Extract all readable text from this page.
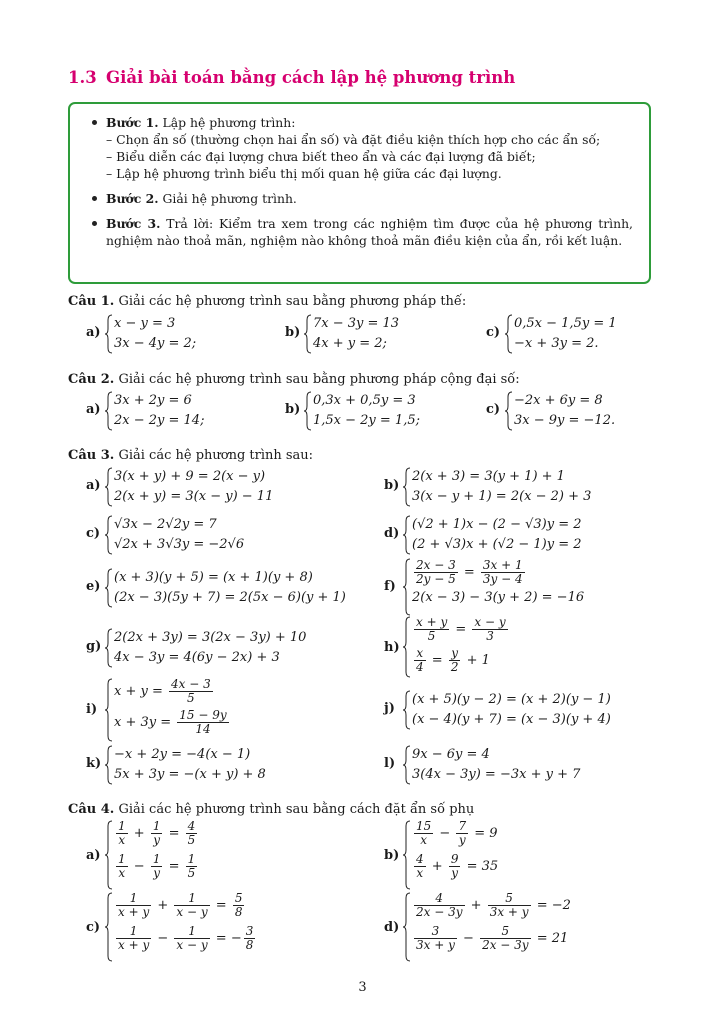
1.3 Giải bài toán bằng cách lập hệ phương trình
Bước 1. Lập hệ phương trình:
– Chọn ẩn số (thường chọn hai ẩn số) và đặt điều kiện thích hợp cho các ẩn số;
– Biểu diễn các đại lượng chưa biết theo ẩn và các đại lượng đã biết;
– Lập hệ phương trình biểu thị mối quan hệ giữa các đại lượng.
Bước 2. Giải hệ phương trình.
Bước 3. Trả lời: Kiểm tra xem trong các nghiệm tìm được của hệ phương trình, nghiệm nào thoả mãn, nghiệm nào không thoả mãn điều kiện của ẩn, rồi kết luận.

Câu 1. Giải các hệ phương trình sau bằng phương pháp thế:

a)
x − y = 3
3x − 4y = 2;
b)
7x − 3y = 13
4x + y = 2;
c)
0,5x − 1,5y = 1
−x + 3y = 2.

Câu 2. Giải các hệ phương trình sau bằng phương pháp cộng đại số:

a)
3x + 2y = 6
2x − 2y = 14;
b)
0,3x + 0,5y = 3
1,5x − 2y = 1,5;
c)
−2x + 6y = 8
3x − 9y = −12.

Câu 3. Giải các hệ phương trình sau:

a)
3(x + y) + 9 = 2(x − y)
2(x + y) = 3(x − y) − 11
b)
2(x + 3) = 3(y + 1) + 1
3(x − y + 1) = 2(x − 2) + 3
c)
√3x − 2√2y = 7
√2x + 3√3y = −2√6
d)
(√2 + 1)x − (2 − √3)y = 2
(2 + √3)x + (√2 − 1)y = 2
e)
(x + 3)(y + 5) = (x + 1)(y + 8)
(2x − 3)(5y + 7) = 2(5x − 6)(y + 1)
f)
$\frac{2x - 3}{2y - 5} = \frac{3x + 1}{3y - 4}$
2(x − 3) − 3(y + 2) = −16
g)
2(2x + 3y) = 3(2x − 3y) + 10
4x − 3y = 4(6y − 2x) + 3
h)
$\frac{x + y}{5} = \frac{x - y}{3}$
$\frac{x}{4} = \frac{y}{2} + 1$
i)
$x + y = \frac{4x - 3}{5}$
$x + 3y = \frac{15 - 9y}{14}$
j)
(x + 5)(y − 2) = (x + 2)(y − 1)
(x − 4)(y + 7) = (x − 3)(y + 4)
k)
−x + 2y = −4(x − 1)
5x + 3y = −(x + y) + 8
l)
9x − 6y = 4
3(4x − 3y) = −3x + y + 7

Câu 4. Giải các hệ phương trình sau bằng cách đặt ẩn số phụ

a)
$\frac{1}{x} + \frac{1}{y} = \frac{4}{5}$
$\frac{1}{x} - \frac{1}{y} = \frac{1}{5}$	b)
$\frac{15}{x} - \frac{7}{y} = 9$
$\frac{4}{x} + \frac{9}{y} = 35$
c)
$\frac{1}{x + y} + \frac{1}{x - y} = \frac{5}{8}$
$\frac{1}{x + y} - \frac{1}{x - y}$ = − $\frac{3}{8}$	d)
$\frac{4}{2x - 3y} + \frac{5}{3x + y} = -2$
$\frac{3}{3x + y} - \frac{5}{2x - 3y} = 21$
3
